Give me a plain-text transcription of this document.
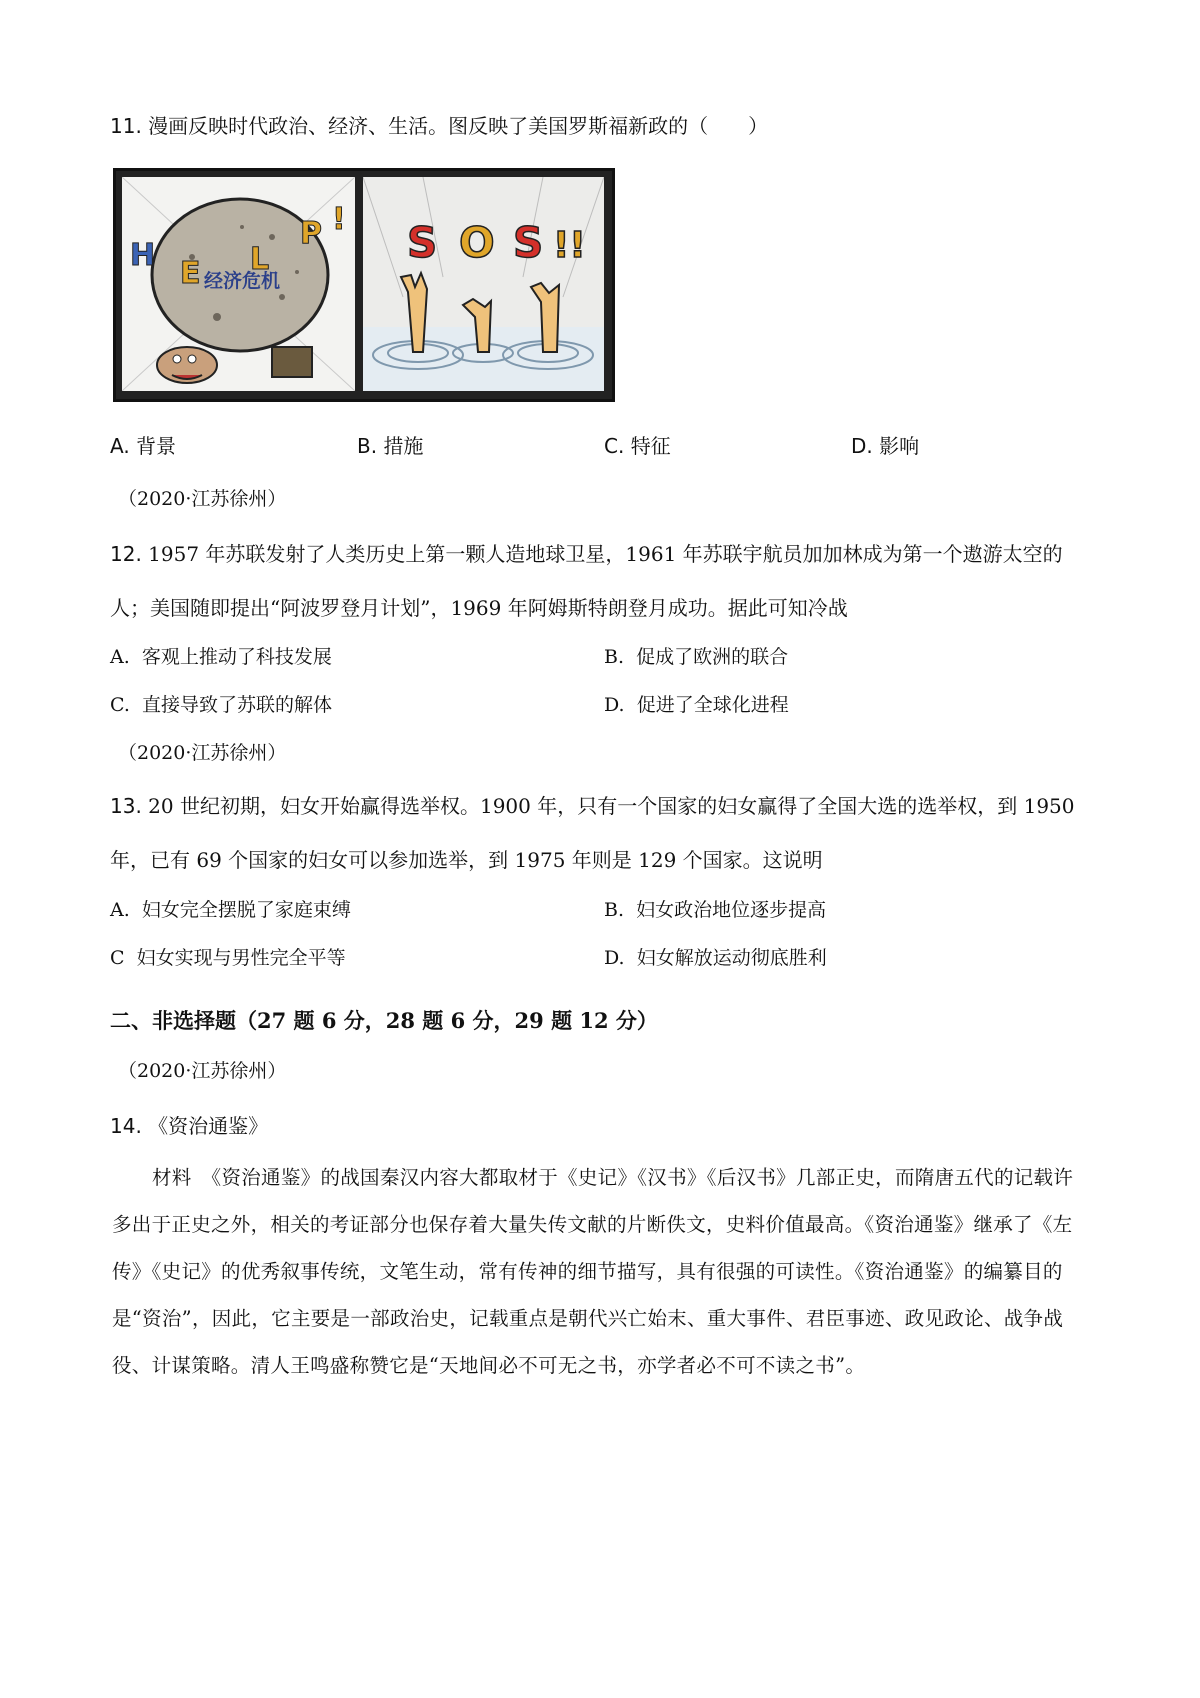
11. 漫画反映时代政治、经济、生活。图反映了美国罗斯福新政的（　　）
H
E L
P !
经济危机
S O S !!
A. 背景	B. 措施	C. 特征	D. 影响
（2020·江苏徐州）
12. 1957 年苏联发射了人类历史上第一颗人造地球卫星，1961 年苏联宇航员加加林成为第一个遨游太空的
人；美国随即提出“阿波罗登月计划”，1969 年阿姆斯特朗登月成功。据此可知冷战
A. 客观上推动了科技发展	B. 促成了欧洲的联合
C. 直接导致了苏联的解体	D. 促进了全球化进程
（2020·江苏徐州）
13. 20 世纪初期，妇女开始赢得选举权。1900 年，只有一个国家的妇女赢得了全国大选的选举权，到 1950
年，已有 69 个国家的妇女可以参加选举，到 1975 年则是 129 个国家。这说明
A. 妇女完全摆脱了家庭束缚	B. 妇女政治地位逐步提高
C 妇女实现与男性完全平等	D. 妇女解放运动彻底胜利
二、非选择题（27 题 6 分，28 题 6 分，29 题 12 分）
（2020·江苏徐州）
14. 《资治通鉴》
材料　《资治通鉴》的战国秦汉内容大都取材于《史记》《汉书》《后汉书》几部正史，而隋唐五代的记载许多出于正史之外，相关的考证部分也保存着大量失传文献的片断佚文，史料价值最高。《资治通鉴》继承了《左传》《史记》的优秀叙事传统，文笔生动，常有传神的细节描写，具有很强的可读性。《资治通鉴》的编纂目的是“资治”，因此，它主要是一部政治史，记载重点是朝代兴亡始末、重大事件、君臣事迹、政见政论、战争战役、计谋策略。清人王鸣盛称赞它是“天地间必不可无之书，亦学者必不可不读之书”。
